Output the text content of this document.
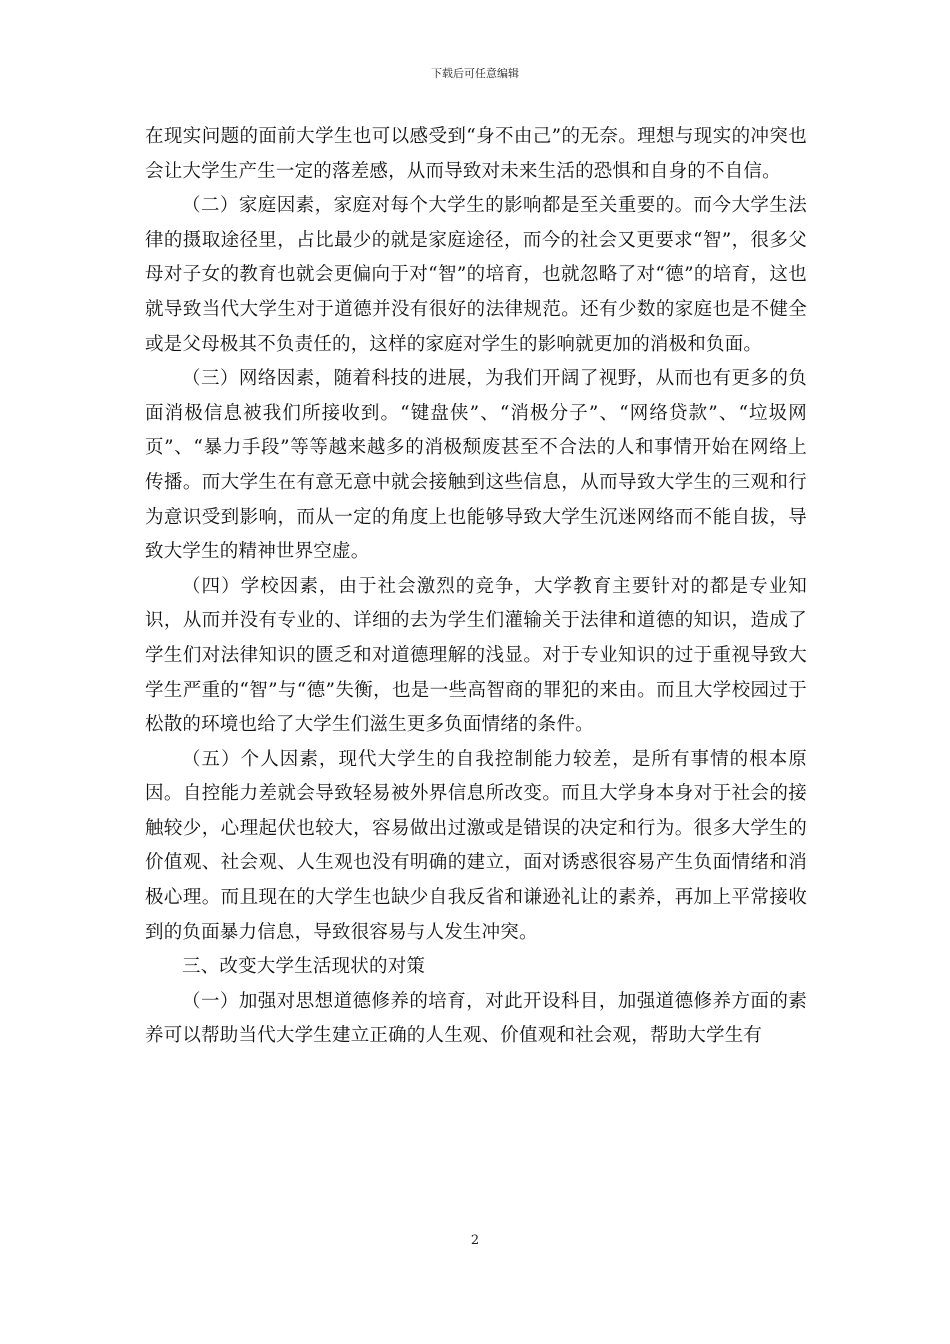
下载后可任意编辑

在现实问题的面前大学生也可以感受到“身不由己”的无奈。理想与现实的冲突也会让大学生产生一定的落差感，从而导致对未来生活的恐惧和自身的不自信。

（二）家庭因素，家庭对每个大学生的影响都是至关重要的。而今大学生法律的摄取途径里，占比最少的就是家庭途径，而今的社会又更要求“智”，很多父母对子女的教育也就会更偏向于对“智”的培育，也就忽略了对“德”的培育，这也就导致当代大学生对于道德并没有很好的法律规范。还有少数的家庭也是不健全或是父母极其不负责任的，这样的家庭对学生的影响就更加的消极和负面。

（三）网络因素，随着科技的进展，为我们开阔了视野，从而也有更多的负面消极信息被我们所接收到。“键盘侠”、“消极分子”、“网络贷款”、“垃圾网页”、“暴力手段”等等越来越多的消极颓废甚至不合法的人和事情开始在网络上传播。而大学生在有意无意中就会接触到这些信息，从而导致大学生的三观和行为意识受到影响，而从一定的角度上也能够导致大学生沉迷网络而不能自拔，导致大学生的精神世界空虚。

（四）学校因素，由于社会激烈的竞争，大学教育主要针对的都是专业知识，从而并没有专业的、详细的去为学生们灌输关于法律和道德的知识，造成了学生们对法律知识的匮乏和对道德理解的浅显。对于专业知识的过于重视导致大学生严重的“智”与“德”失衡，也是一些高智商的罪犯的来由。而且大学校园过于松散的环境也给了大学生们滋生更多负面情绪的条件。

（五）个人因素，现代大学生的自我控制能力较差，是所有事情的根本原因。自控能力差就会导致轻易被外界信息所改变。而且大学身本身对于社会的接触较少，心理起伏也较大，容易做出过激或是错误的决定和行为。很多大学生的价值观、社会观、人生观也没有明确的建立，面对诱惑很容易产生负面情绪和消极心理。而且现在的大学生也缺少自我反省和谦逊礼让的素养，再加上平常接收到的负面暴力信息，导致很容易与人发生冲突。

三、改变大学生活现状的对策

（一）加强对思想道德修养的培育，对此开设科目，加强道德修养方面的素养可以帮助当代大学生建立正确的人生观、价值观和社会观，帮助大学生有

2
